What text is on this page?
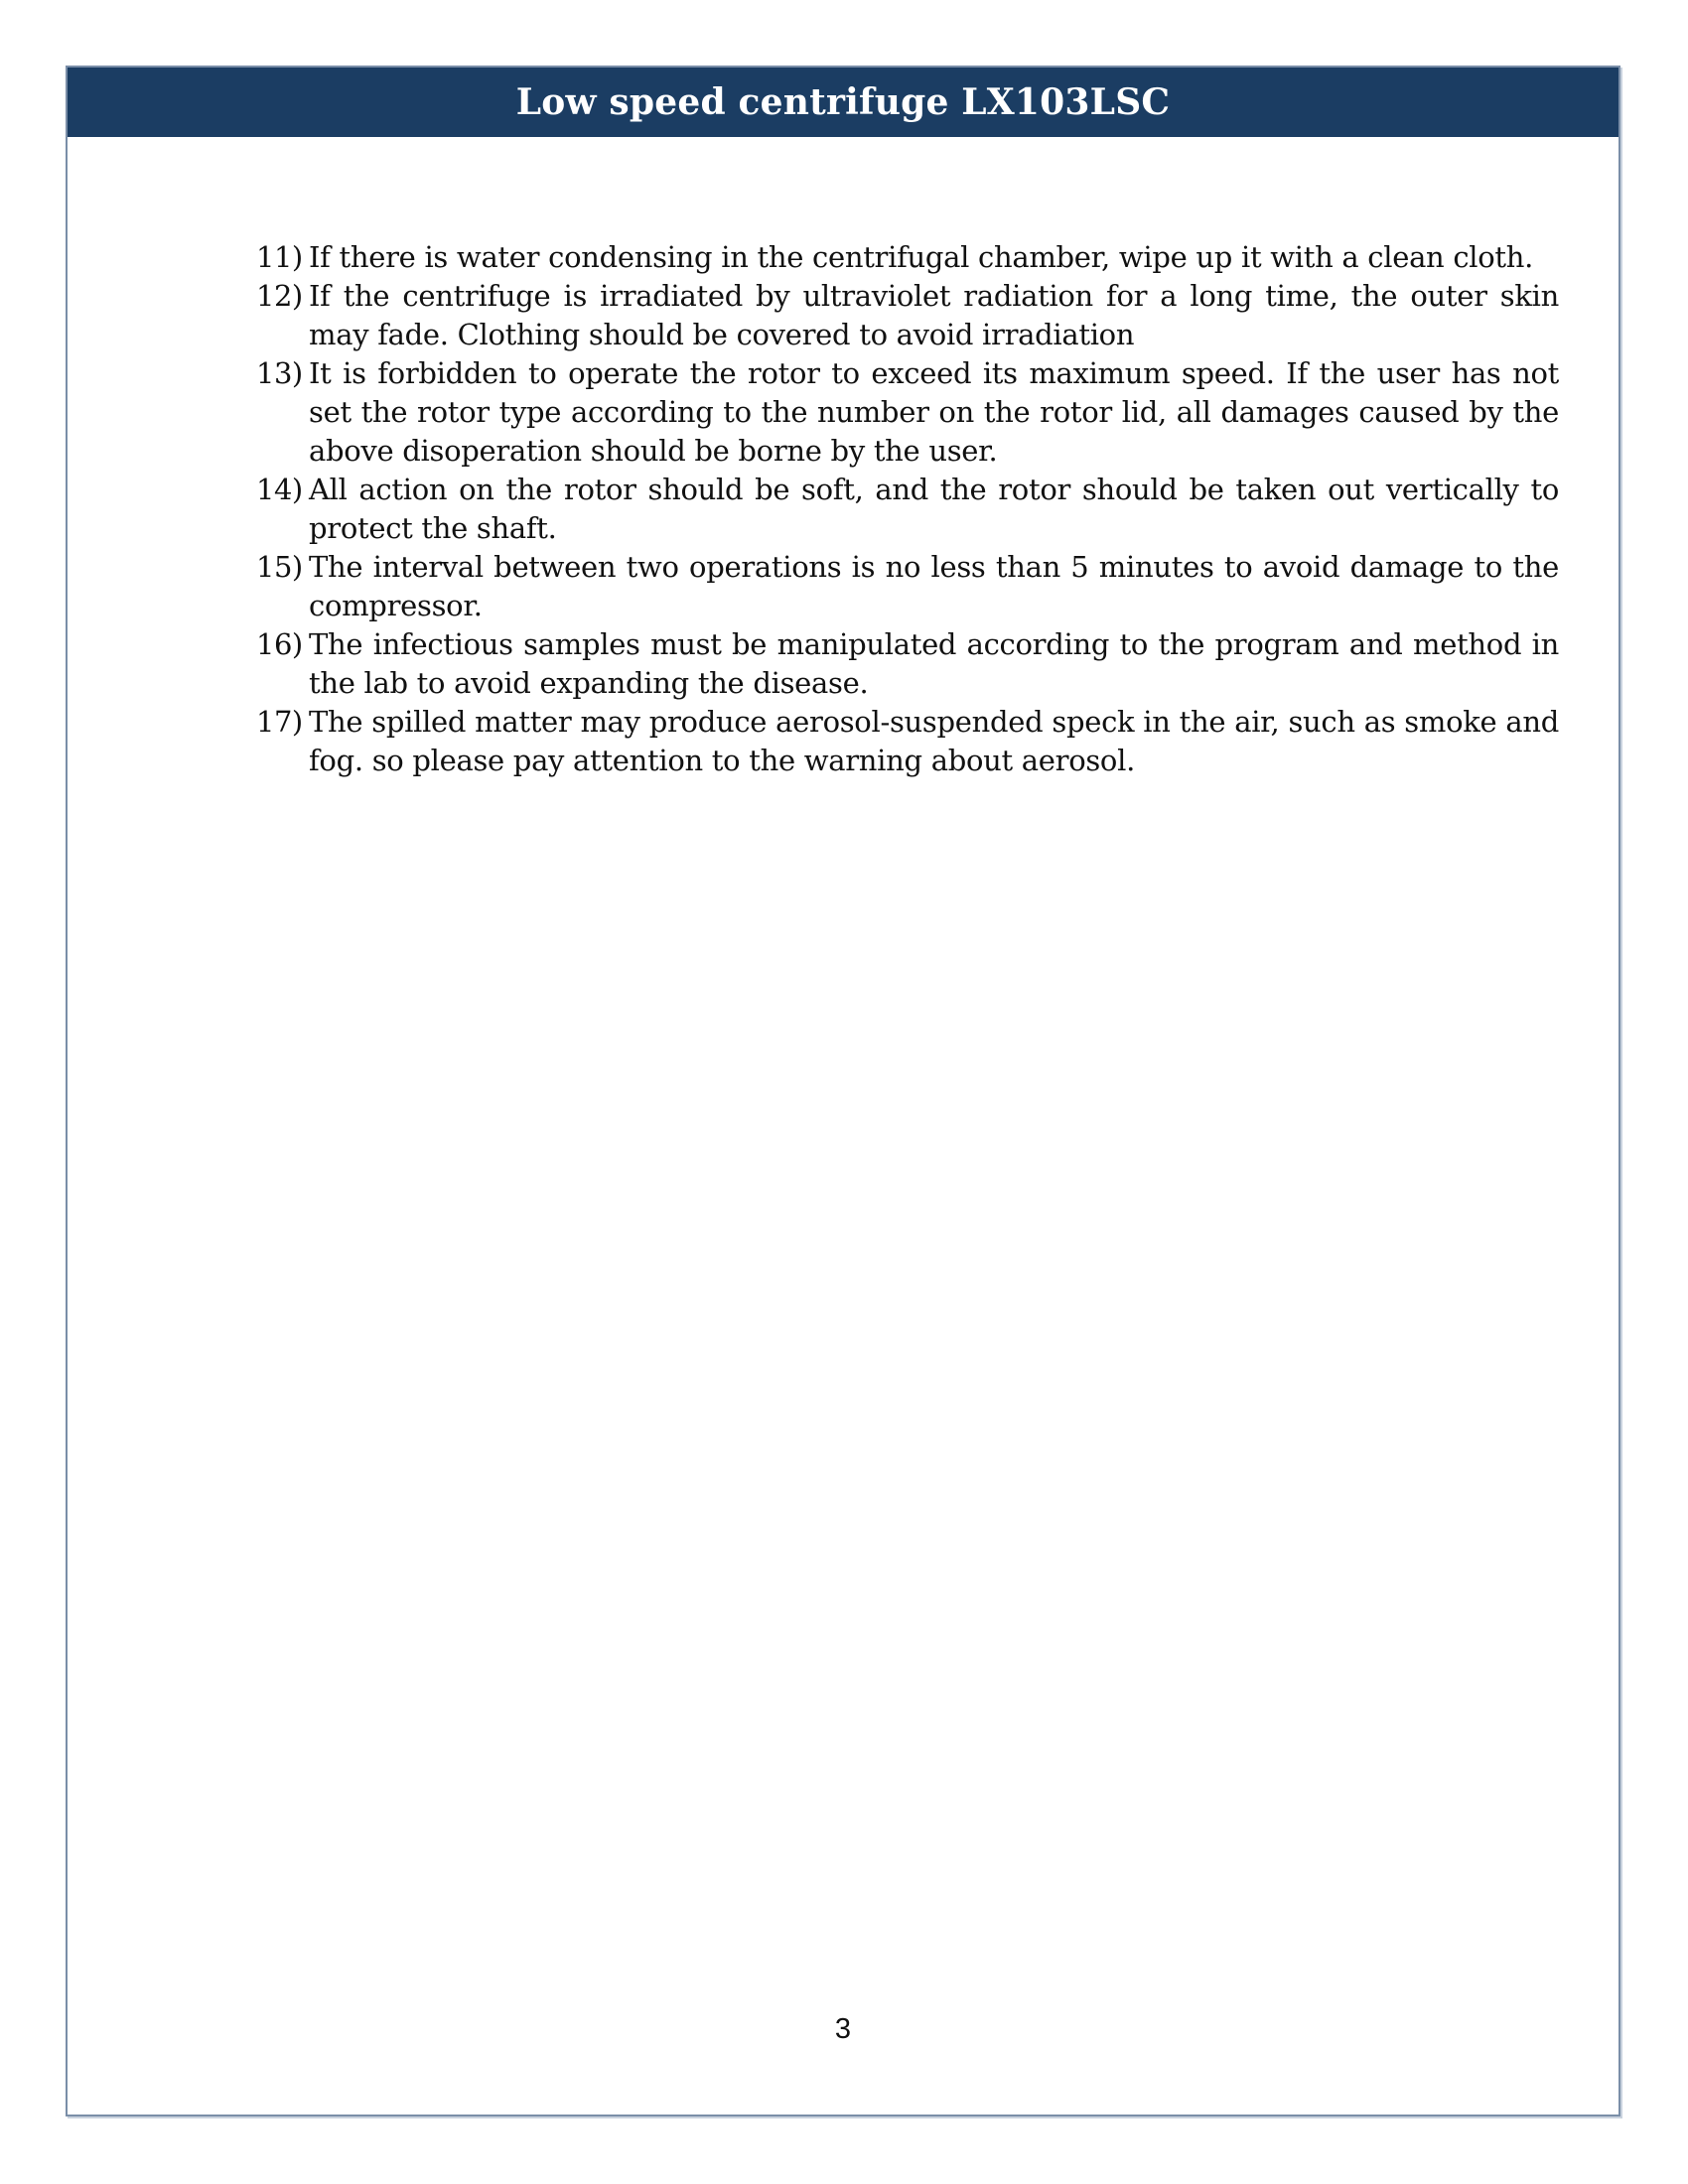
Low speed centrifuge LX103LSC
11) If there is water condensing in the centrifugal chamber, wipe up it with a clean cloth.
12) If the centrifuge is irradiated by ultraviolet radiation for a long time, the outer skin may fade. Clothing should be covered to avoid irradiation
13) It is forbidden to operate the rotor to exceed its maximum speed. If the user has not set the rotor type according to the number on the rotor lid, all damages caused by the above disoperation should be borne by the user.
14) All action on the rotor should be soft, and the rotor should be taken out vertically to protect the shaft.
15) The interval between two operations is no less than 5 minutes to avoid damage to the compressor.
16) The infectious samples must be manipulated according to the program and method in the lab to avoid expanding the disease.
17) The spilled matter may produce aerosol-suspended speck in the air, such as smoke and fog. so please pay attention to the warning about aerosol.
3
